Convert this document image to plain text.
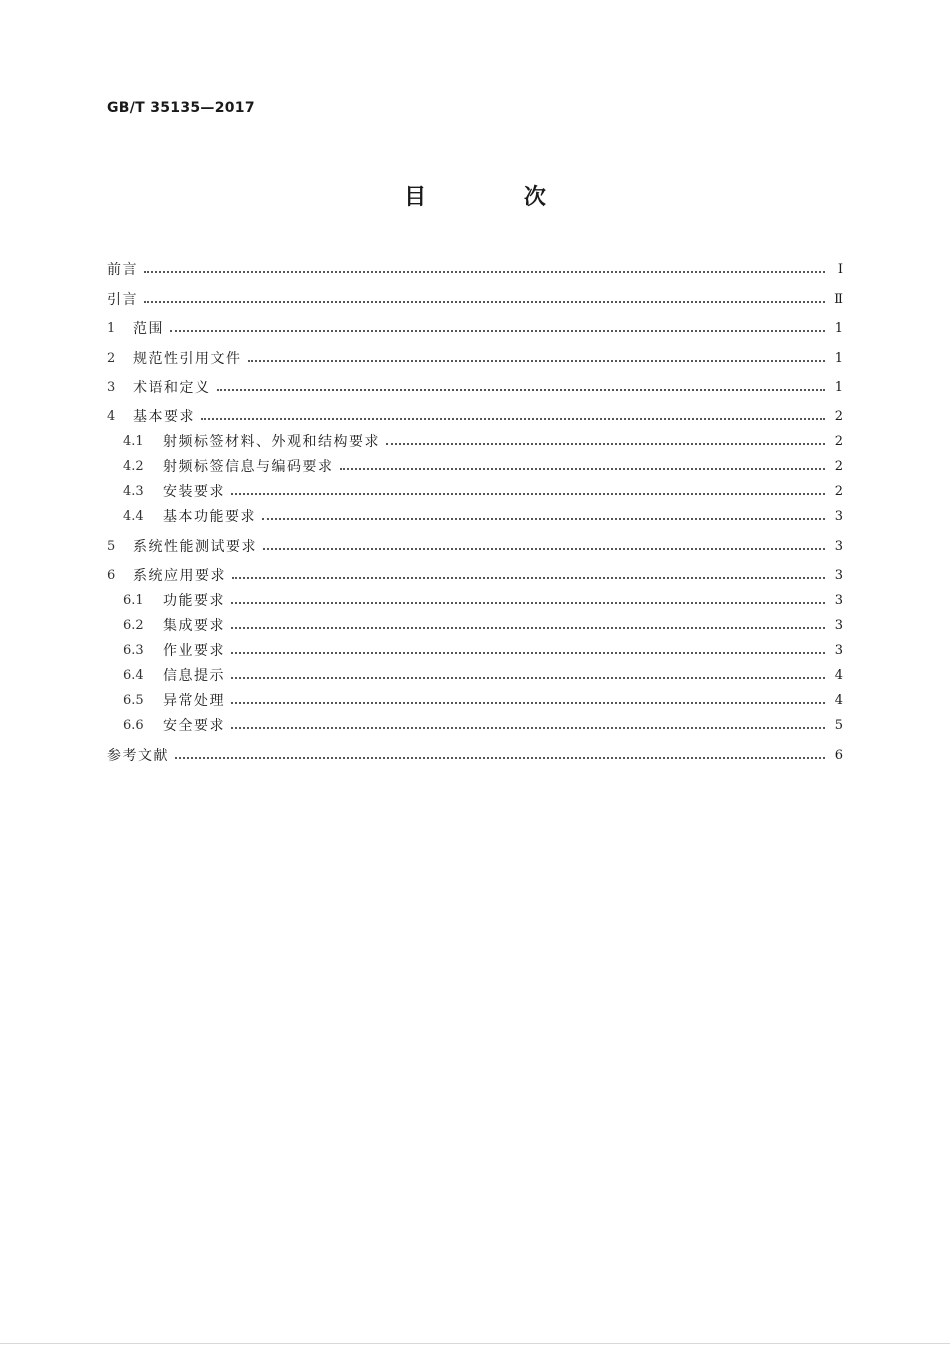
GB/T 35135—2017
目 次
前言	Ⅰ
引言	Ⅱ
1	范围	1
2	规范性引用文件	1
3	术语和定义	1
4	基本要求	2
4.1	射频标签材料、外观和结构要求	2
4.2	射频标签信息与编码要求	2
4.3	安装要求	2
4.4	基本功能要求	3
5	系统性能测试要求	3
6	系统应用要求	3
6.1	功能要求	3
6.2	集成要求	3
6.3	作业要求	3
6.4	信息提示	4
6.5	异常处理	4
6.6	安全要求	5
参考文献	6
